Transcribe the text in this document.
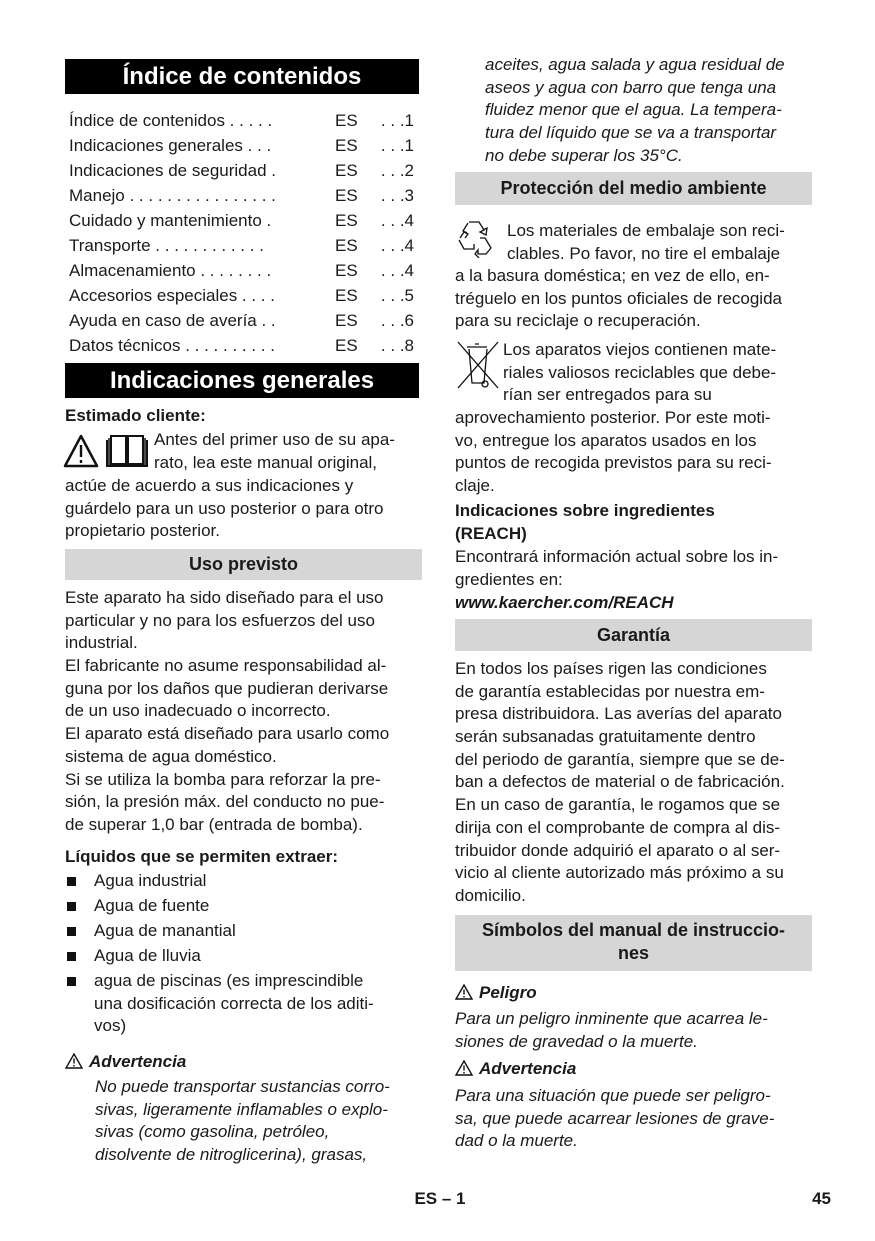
Índice de contenidos
Índice de contenidos . . . . .	ES . . .1
Indicaciones generales . . .	ES . . .1
Indicaciones de seguridad .	ES . . .2
Manejo . . . . . . . . . . . . . . . .	ES . . .3
Cuidado y mantenimiento .	ES . . .4
Transporte . . . . . . . . . . . .	ES . . .4
Almacenamiento . . . . . . . .	ES . . .4
Accesorios especiales . . . .	ES . . .5
Ayuda en caso de avería . .	ES . . .6
Datos técnicos . . . . . . . . . .	ES . . .8
Indicaciones generales
Estimado cliente:
Antes del primer uso de su apa-
rato, lea este manual original,
actúe de acuerdo a sus indicaciones y
guárdelo para un uso posterior o para otro
propietario posterior.
Uso previsto
Este aparato ha sido diseñado para el uso
particular y no para los esfuerzos del uso
industrial.
El fabricante no asume responsabilidad al-
guna por los daños que pudieran derivarse
de un uso inadecuado o incorrecto.
El aparato está diseñado para usarlo como
sistema de agua doméstico.
Si se utiliza la bomba para reforzar la pre-
sión, la presión máx. del conducto no pue-
de superar 1,0 bar (entrada de bomba).
Líquidos que se permiten extraer:
Agua industrial
Agua de fuente
Agua de manantial
Agua de lluvia
agua de piscinas (es imprescindible
una dosificación correcta de los aditi-
vos)
Advertencia
No puede transportar sustancias corro-
sivas, ligeramente inflamables o explo-
sivas (como gasolina, petróleo,
disolvente de nitroglicerina), grasas,
aceites, agua salada y agua residual de
aseos y agua con barro que tenga una
fluidez menor que el agua. La tempera-
tura del líquido que se va a transportar
no debe superar los 35°C.
Protección del medio ambiente
Los materiales de embalaje son reci-
clables. Po favor, no tire el embalaje
a la basura doméstica; en vez de ello, en-
tréguelo en los puntos oficiales de recogida
para su reciclaje o recuperación.
Los aparatos viejos contienen mate-
riales valiosos reciclables que debe-
rían ser entregados para su
aprovechamiento posterior. Por este moti-
vo, entregue los aparatos usados en los
puntos de recogida previstos para su reci-
claje.
Indicaciones sobre ingredientes
(REACH)
Encontrará información actual sobre los in-
gredientes en:
www.kaercher.com/REACH
Garantía
En todos los países rigen las condiciones
de garantía establecidas por nuestra em-
presa distribuidora. Las averías del aparato
serán subsanadas gratuitamente dentro
del periodo de garantía, siempre que se de-
ban a defectos de material o de fabricación.
En un caso de garantía, le rogamos que se
dirija con el comprobante de compra al dis-
tribuidor donde adquirió el aparato o al ser-
vicio al cliente autorizado más próximo a su
domicilio.
Símbolos del manual de instruccio-
nes
Peligro
Para un peligro inminente que acarrea le-
siones de gravedad o la muerte.
Advertencia
Para una situación que puede ser peligro-
sa, que puede acarrear lesiones de grave-
dad o la muerte.
ES – 1	45
